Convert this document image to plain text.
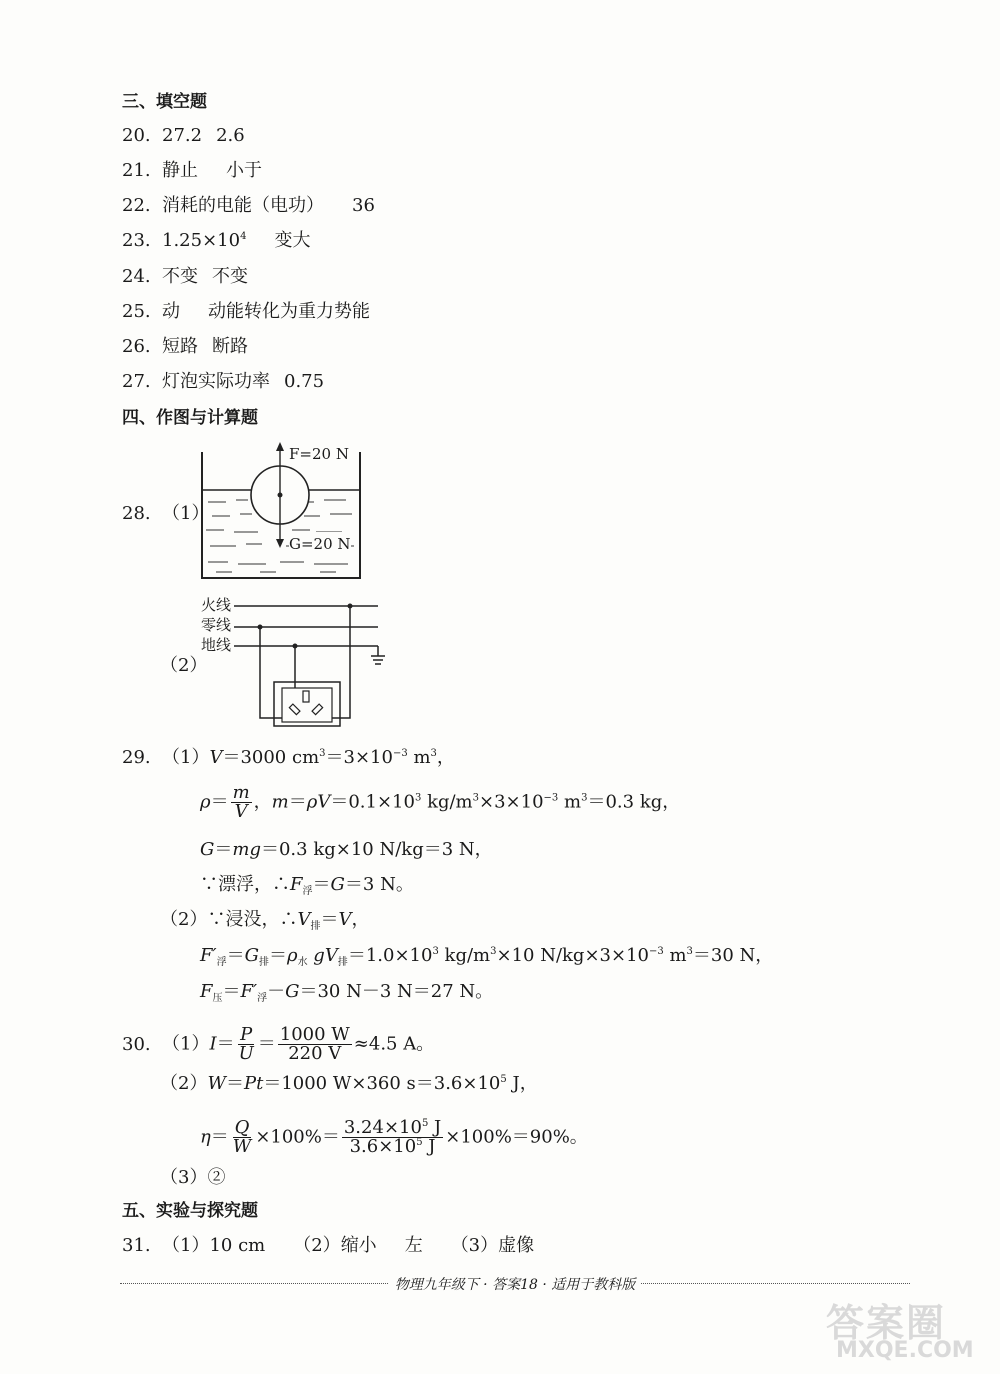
三、填空题
20. 27.2 2.6
21. 静止 小于
22. 消耗的电能（电功） 36
23. $1.25\times 10^4$ 变大
24. 不变 不变
25. 动 动能转化为重力势能
26. 短路 断路
27. 灯泡实际功率 0.75
四、作图与计算题
28. （1）
F=20 N
G=20 N
（2）
火线
零线
地线
29. （1）V＝3000 $cm^3=3\times 10^{-3}$ $m^3$，
$\rho= \frac{m}{V}$ ，$m=\rho V=0.1\times 10^3$ $kg/m^3\times 3\times 10^{-3}$ $m^3=0.3$ kg，
G＝mg＝0.3 kg×10 N/kg＝3 N，
∵漂浮，$\therefore F_浮=G=3$ N。
（2）∵浸没，$\therefore V_排=V$，
$F'_浮=G_排=\rho_水$ $gV_排=1.0\times 10^3$ $kg/m^3\times 10$ $N/kg\times 3\times 10^{-3}$ $m^3=30$ N，
$F_压=F'_浮-G=30$ N－3 N＝27 N。
30. $(1)I= \frac{P}{U} = \frac{1000 W}{220 V} \approx 4.5$ A。
（2）W＝Pt＝1000 W×360 $s=3.6\times 10^5$ J，
$\eta= \frac{Q}{W} \times 100\%= \frac{3.24\times 10^5 J}{3.6\times 10^5 J} \times 100\%=90\%$。
（3）②
五、实验与探究题
31. （1）10 cm （2）缩小 左 （3）虚像
物理九年级下 · 答案18 · 适用于教科版
答案圈
MXQE.COM
